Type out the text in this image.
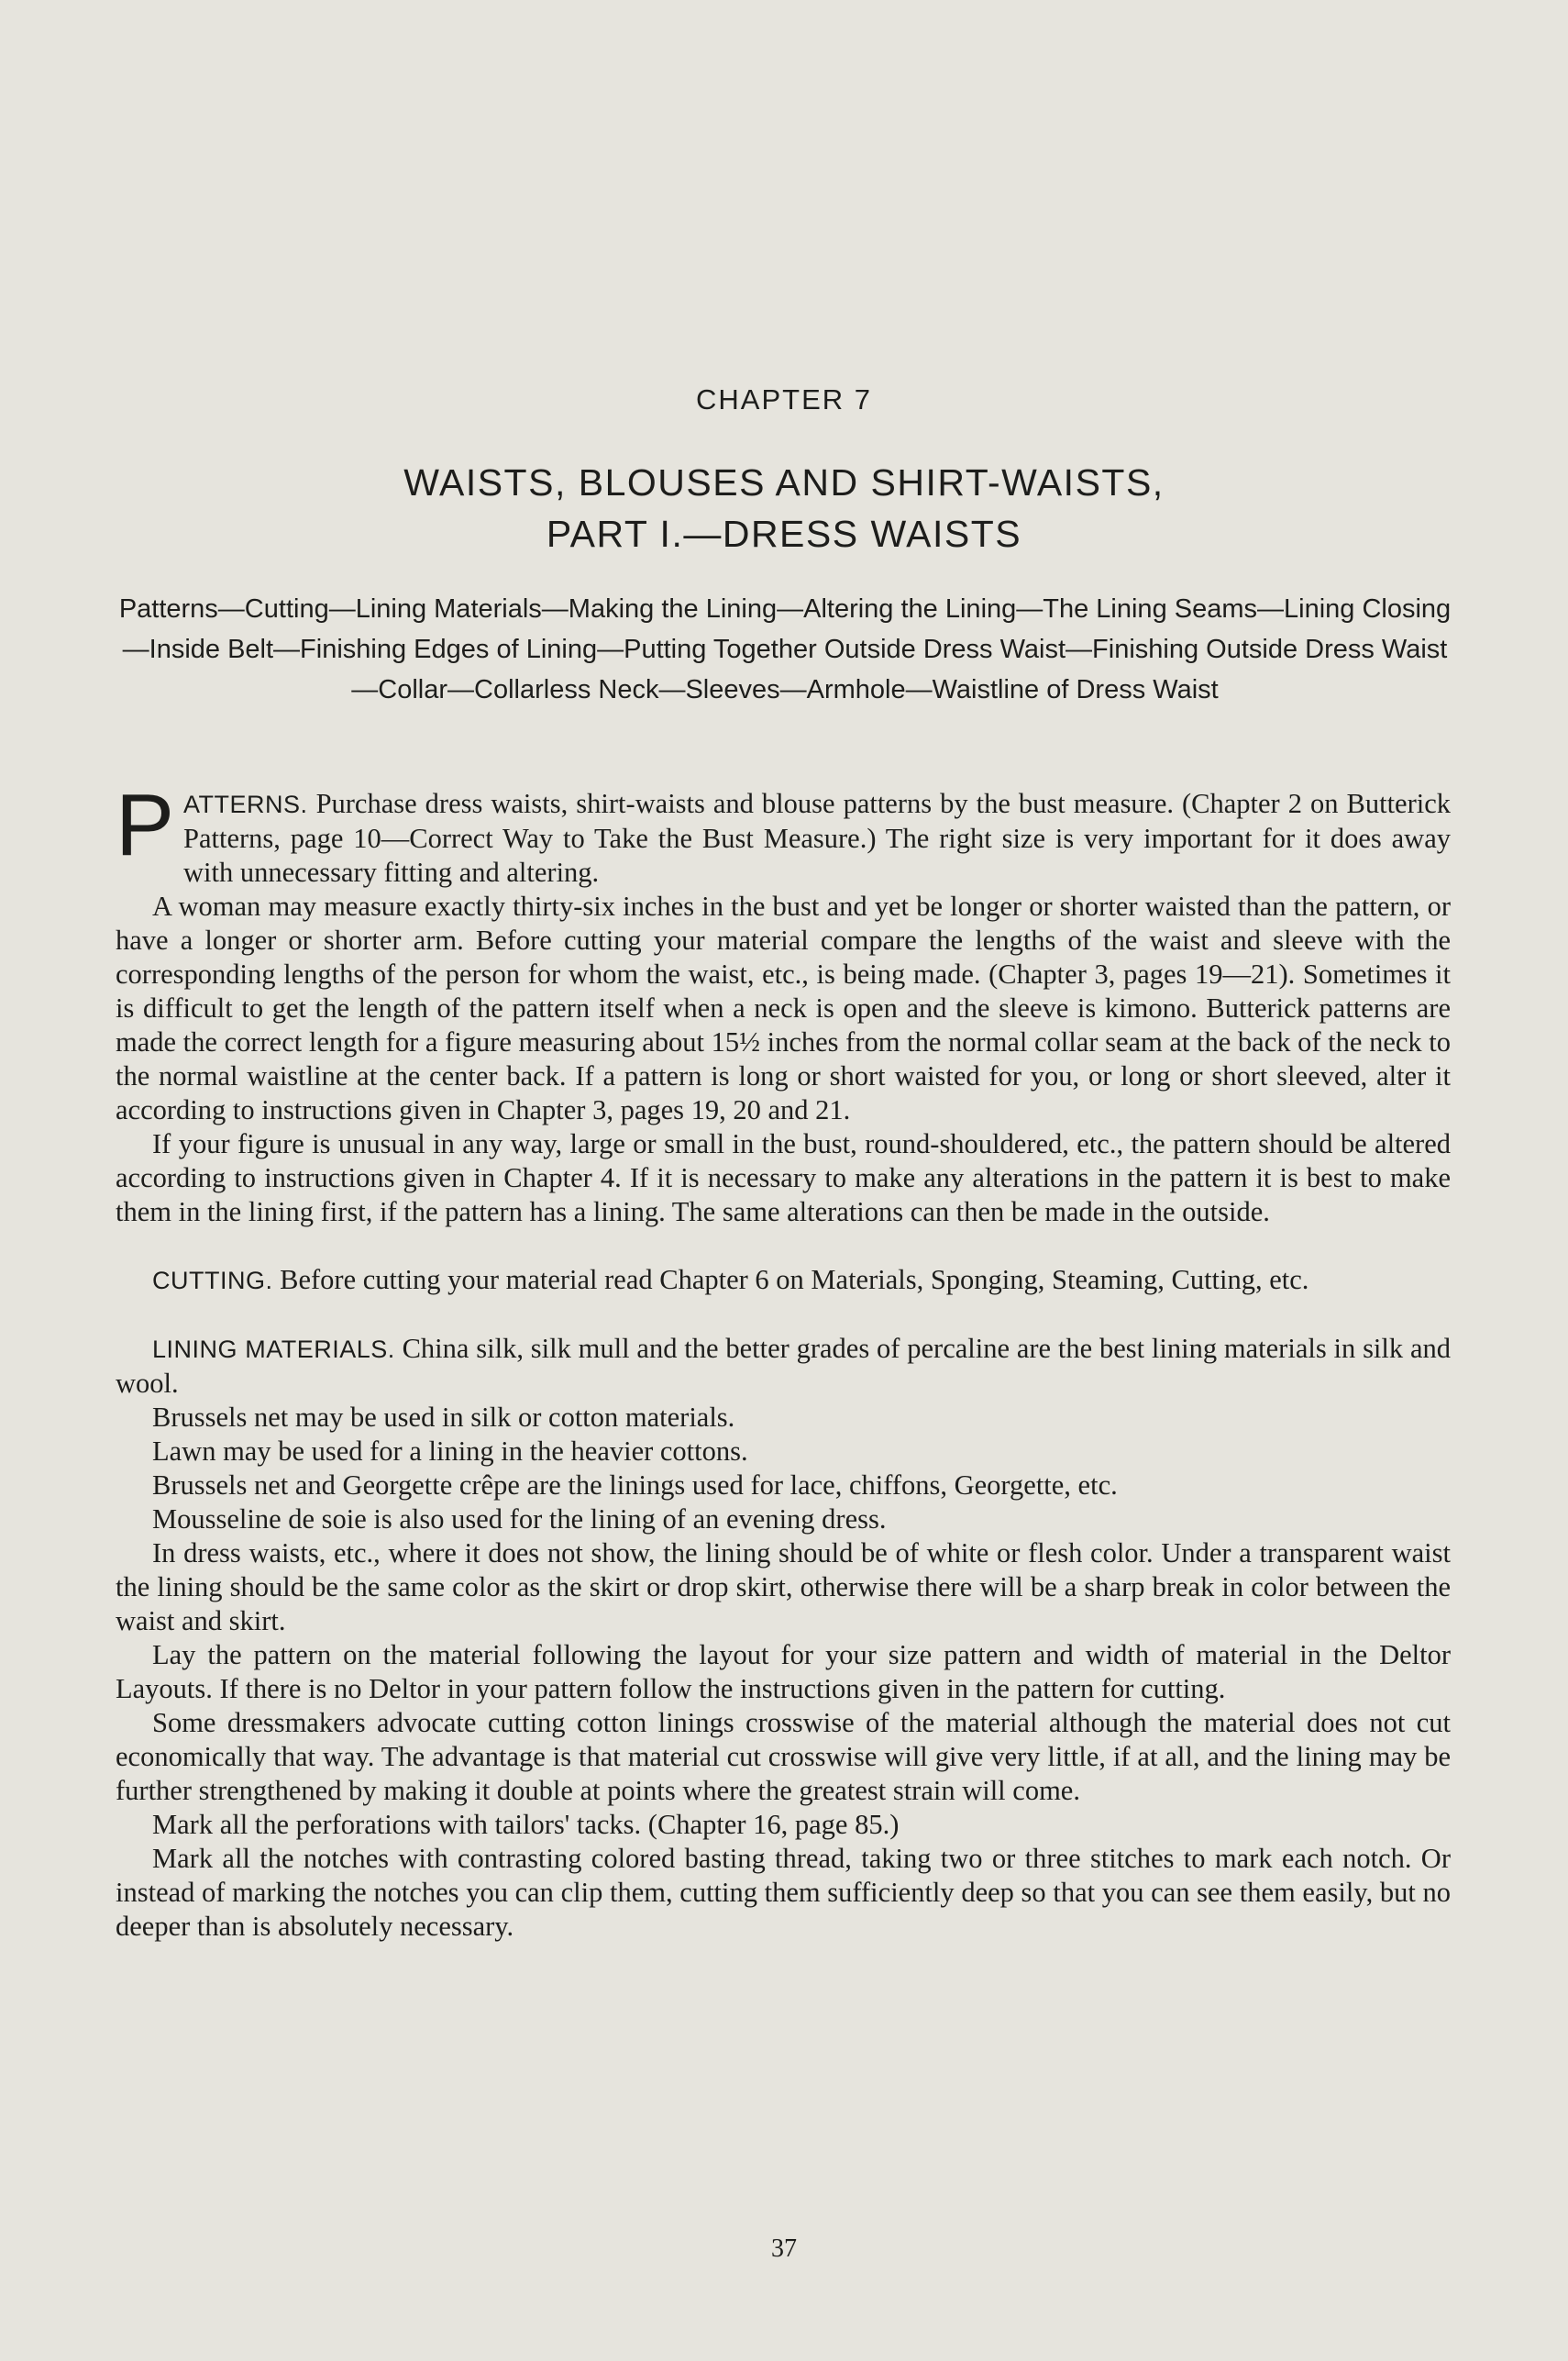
CHAPTER 7
WAISTS, BLOUSES AND SHIRT-WAISTS,
PART I.—DRESS WAISTS
Patterns—Cutting—Lining Materials—Making the Lining—Altering the Lining—The Lining Seams—Lining Closing—Inside Belt—Finishing Edges of Lining—Putting Together Outside Dress Waist—Finishing Outside Dress Waist—Collar—Collarless Neck—Sleeves—Armhole—Waistline of Dress Waist

PATTERNS. Purchase dress waists, shirt-waists and blouse patterns by the bust measure. (Chapter 2 on Butterick Patterns, page 10—Correct Way to Take the Bust Measure.) The right size is very important for it does away with unnecessary fitting and altering.

A woman may measure exactly thirty-six inches in the bust and yet be longer or shorter waisted than the pattern, or have a longer or shorter arm. Before cutting your material compare the lengths of the waist and sleeve with the corresponding lengths of the person for whom the waist, etc., is being made. (Chapter 3, pages 19—21). Sometimes it is difficult to get the length of the pattern itself when a neck is open and the sleeve is kimono. Butterick patterns are made the correct length for a figure measuring about 15½ inches from the normal collar seam at the back of the neck to the normal waistline at the center back. If a pattern is long or short waisted for you, or long or short sleeved, alter it according to instructions given in Chapter 3, pages 19, 20 and 21.

If your figure is unusual in any way, large or small in the bust, round-shouldered, etc., the pattern should be altered according to instructions given in Chapter 4. If it is necessary to make any alterations in the pattern it is best to make them in the lining first, if the pattern has a lining. The same alterations can then be made in the outside.

CUTTING. Before cutting your material read Chapter 6 on Materials, Sponging, Steaming, Cutting, etc.

LINING MATERIALS. China silk, silk mull and the better grades of percaline are the best lining materials in silk and wool.

Brussels net may be used in silk or cotton materials.

Lawn may be used for a lining in the heavier cottons.

Brussels net and Georgette crêpe are the linings used for lace, chiffons, Georgette, etc.

Mousseline de soie is also used for the lining of an evening dress.

In dress waists, etc., where it does not show, the lining should be of white or flesh color. Under a transparent waist the lining should be the same color as the skirt or drop skirt, otherwise there will be a sharp break in color between the waist and skirt.

Lay the pattern on the material following the layout for your size pattern and width of material in the Deltor Layouts. If there is no Deltor in your pattern follow the instructions given in the pattern for cutting.

Some dressmakers advocate cutting cotton linings crosswise of the material although the material does not cut economically that way. The advantage is that material cut crosswise will give very little, if at all, and the lining may be further strengthened by making it double at points where the greatest strain will come.

Mark all the perforations with tailors' tacks. (Chapter 16, page 85.)

Mark all the notches with contrasting colored basting thread, taking two or three stitches to mark each notch. Or instead of marking the notches you can clip them, cutting them sufficiently deep so that you can see them easily, but no deeper than is absolutely necessary.

37
